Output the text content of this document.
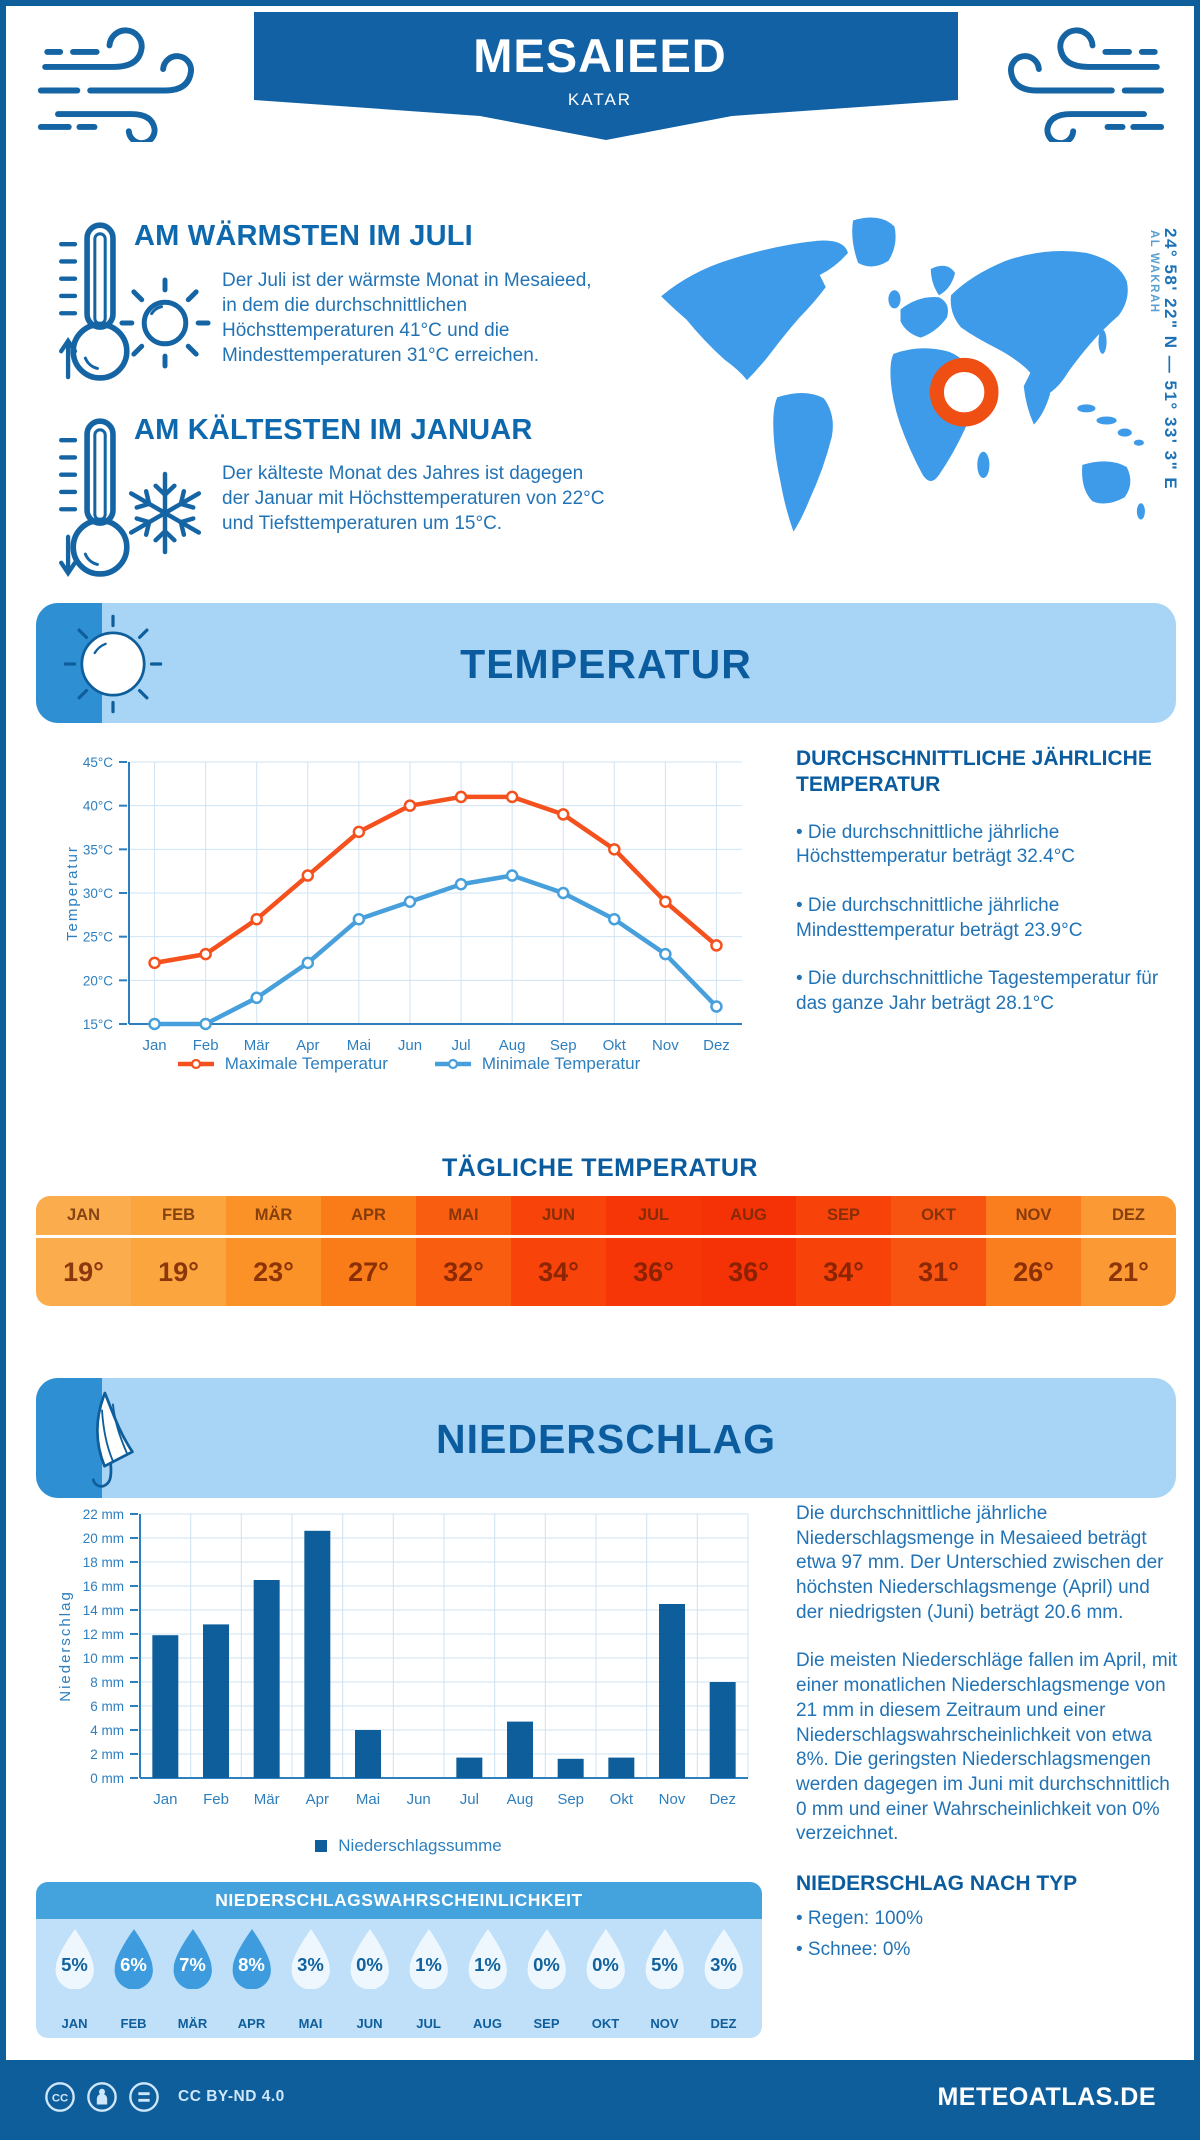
MESAIEED
KATAR
AM WÄRMSTEN IM JULI
Der Juli ist der wärmste Monat in Mesaieed, in dem die durchschnittlichen Höchsttemperaturen 41°C und die Mindesttemperaturen 31°C erreichen.
AM KÄLTESTEN IM JANUAR
Der kälteste Monat des Jahres ist dagegen der Januar mit Höchsttemperaturen von 22°C und Tiefsttemperaturen um 15°C.
24° 58' 22" N — 51° 33' 3" E
AL WAKRAH
TEMPERATUR
Jan Feb Mär Apr Mai Jun Jul Aug Sep Okt Nov Dez
15°C
20°C
25°C
30°C
35°C
40°C
45°C
Temperatur
Maximale Temperatur	Minimale Temperatur
DURCHSCHNITTLICHE JÄHRLICHE TEMPERATUR

• Die durchschnittliche jährliche Höchsttemperatur beträgt 32.4°C

• Die durchschnittliche jährliche Mindesttemperatur beträgt 23.9°C

• Die durchschnittliche Tagestemperatur für das ganze Jahr beträgt 28.1°C

TÄGLICHE TEMPERATUR
JAN
19°
FEB
19°
MÄR
23°
APR
27°
MAI
32°
JUN
34°
JUL
36°
AUG
36°
SEP
34°
OKT
31°
NOV
26°
DEZ
21°
NIEDERSCHLAG
0 mm
2 mm
4 mm
6 mm
8 mm
10 mm
12 mm
14 mm
16 mm
18 mm
20 mm
22 mm
Jan Feb Mär Apr Mai Jun Jul Aug Sep Okt Nov Dez
Niederschlag
Niederschlagssumme

Die durchschnittliche jährliche Niederschlagsmenge in Mesaieed beträgt etwa 97 mm. Der Unterschied zwischen der höchsten Niederschlagsmenge (April) und der niedrigsten (Juni) beträgt 20.6 mm.

Die meisten Niederschläge fallen im April, mit einer monatlichen Niederschlagsmenge von 21 mm in diesem Zeitraum und einer Niederschlagswahrscheinlichkeit von etwa 8%. Die geringsten Niederschlagsmengen werden dagegen im Juni mit durchschnittlich 0 mm und einer Wahrscheinlichkeit von 0% verzeichnet.

NIEDERSCHLAG NACH TYP

• Regen: 100%

• Schnee: 0%

NIEDERSCHLAGSWAHRSCHEINLICHKEIT
5%
JAN
6%
FEB
7%
MÄR
8%
APR
3%
MAI
0%
JUN
1%
JUL
1%
AUG
0%
SEP
0%
OKT
5%
NOV
3%
DEZ
CC	CC BY-ND 4.0	METEOATLAS.DE
